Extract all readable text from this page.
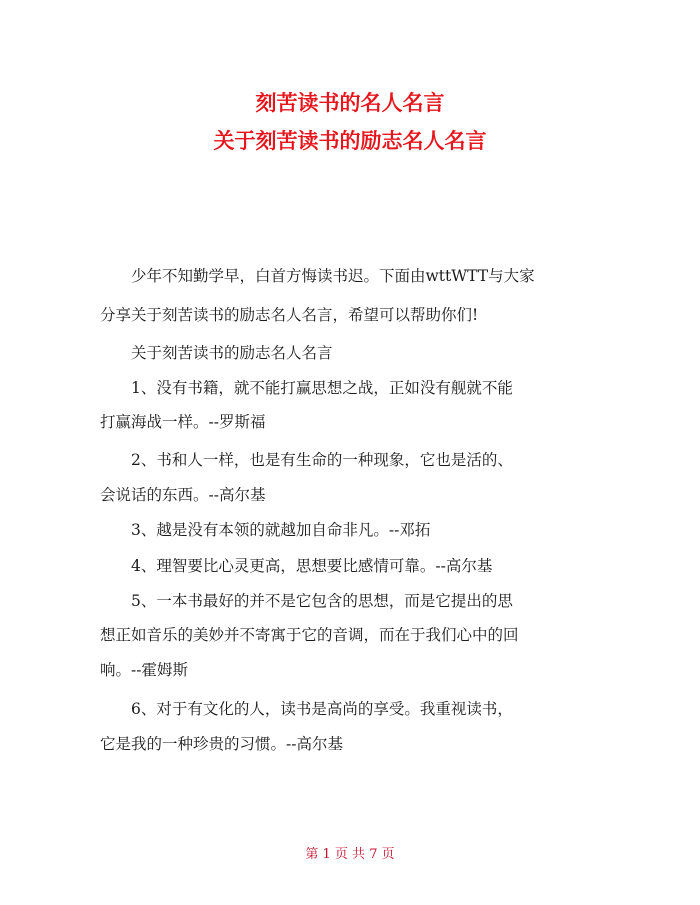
刻苦读书的名人名言
关于刻苦读书的励志名人名言
　　少年不知勤学早，白首方悔读书迟。下面由wttWTT与大家
分享关于刻苦读书的励志名人名言，希望可以帮助你们!
　　关于刻苦读书的励志名人名言
　　1、没有书籍，就不能打赢思想之战，正如没有舰就不能
打赢海战一样。--罗斯福
　　2、书和人一样，也是有生命的一种现象，它也是活的、
会说话的东西。--高尔基
　　3、越是没有本领的就越加自命非凡。--邓拓
　　4、理智要比心灵更高，思想要比感情可靠。--高尔基
　　5、一本书最好的并不是它包含的思想，而是它提出的思
想正如音乐的美妙并不寄寓于它的音调，而在于我们心中的回
响。--霍姆斯
　　6、对于有文化的人，读书是高尚的享受。我重视读书，
它是我的一种珍贵的习惯。--高尔基
第 1 页 共 7 页
